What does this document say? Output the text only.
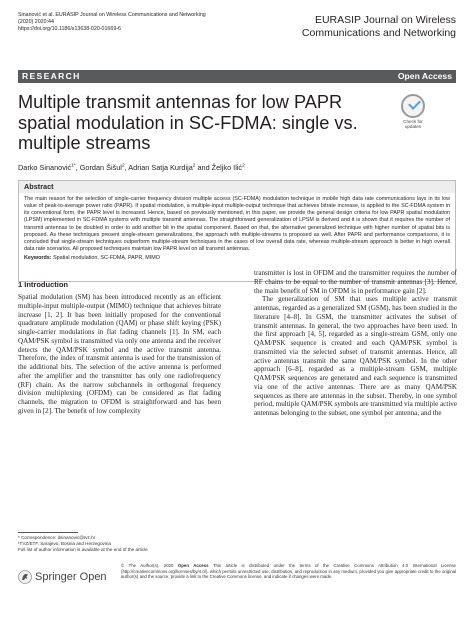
Sinanović et al. EURASIP Journal on Wireless Communications and Networking
(2020) 2020:44
https://doi.org/10.1186/s13638-020-01669-6
EURASIP Journal on Wireless
Communications and Networking
RESEARCH	Open Access
Multiple transmit antennas for low PAPR spatial modulation in SC-FDMA: single vs. multiple streams
Check for
updates
Darko Sinanović$^{1*}$, Gordan Šišul$^2$, Adrian Satja Kurdija$^2$ and Željko Ilić$^2$
Abstract

The main reason for the selection of single-carrier frequency division multiple access (SC-FDMA) modulation technique in mobile high data rate communications lays in its low value of peak-to-average power ratio (PAPR). If spatial modulation, a multiple-input multiple-output technique that achieves bitrate increase, is applied to the SC-FDMA system in its conventional form, the PAPR level is increased. Hence, based on previously mentioned, in this paper, we provide the general design criteria for low PAPR spatial modulation (LPSM) implemented in SC-FDMA systems with multiple transmit antennas. The straightforward generalization of LPSM is derived and it is shown that it requires the number of transmit antennas to be doubled in order to add another bit in the spatial component. Based on that, the alternative generalized technique with higher number of spatial bits is proposed. As these techniques present single-stream generalizations, the approach with multiple-streams is proposed as well. After PAPR and performance comparisons, it is concluded that single-stream techniques outperform multiple-stream techniques in the cases of low overall data rate, whereas multiple-stream approach is better in high overall data rate scenarios. All proposed techniques maintain low PAPR level on all transmit antennas.

Keywords: Spatial modulation, SC-FDMA, PAPR, MIMO

1 Introduction

Spatial modulation (SM) has been introduced recently as an efficient multiple-input multiple-output (MIMO) technique that achieves bitrate increase [1, 2]. It has been initially proposed for the conventional quadrature amplitude modulation (QAM) or phase shift keying (PSK) single-carrier modulations in flat fading channels [1]. In SM, each QAM/PSK symbol is transmitted via only one antenna and the receiver detects the QAM/PSK symbol and the active transmit antenna. Therefore, the index of transmit antenna is used for the transmission of the additional bits. The selection of the active antenna is performed after the amplifier and the transmitter has only one radiofrequency (RF) chain. As the narrow subchannels in orthogonal frequency division multiplexing (OFDM) can be considered as flat fading channels, the migration to OFDM is straightforward and has been given in [2]. The benefit of low complexity

transmitter is lost in OFDM and the transmitter requires the number of RF chains to be equal to the number of transmit antennas [3]. Hence, the main benefit of SM in OFDM is in performance gain [2].

The generalization of SM that uses multiple active transmit antennas, regarded as a generalized SM (GSM), has been studied in the literature [4–8]. In GSM, the transmitter activates the subset of transmit antennas. In general, the two approaches have been used. In the first approach [4, 5], regarded as a single-stream GSM, only one QAM/PSK sequence is created and each QAM/PSK symbol is transmitted via the selected subset of transmit antennas. Hence, all active antennas transmit the same QAM/PSK symbol. In the other approach [6–8], regarded as a multiple-stream GSM, multiple QAM/PSK sequences are generated and each sequence is transmitted via one of the active antennas. There are as many QAM/PSK sequences as there are antennas in the subset. Thereby, in one symbol period, multiple QAM/PSK symbols are transmitted via multiple active antennas belonging to the subset, one symbol per antenna, and the

* Correspondence: dsinanovic@tvz.hr
¹TVZ/ETF, Sarajevo, Bosnia and Herzegovina
Full list of author information is available at the end of the article
Springer Open
© The Author(s). 2020 Open Access This article is distributed under the terms of the Creative Commons Attribution 4.0 International License (http://creativecommons.org/licenses/by/4.0/), which permits unrestricted use, distribution, and reproduction in any medium, provided you give appropriate credit to the original author(s) and the source, provide a link to the Creative Commons license, and indicate if changes were made.
